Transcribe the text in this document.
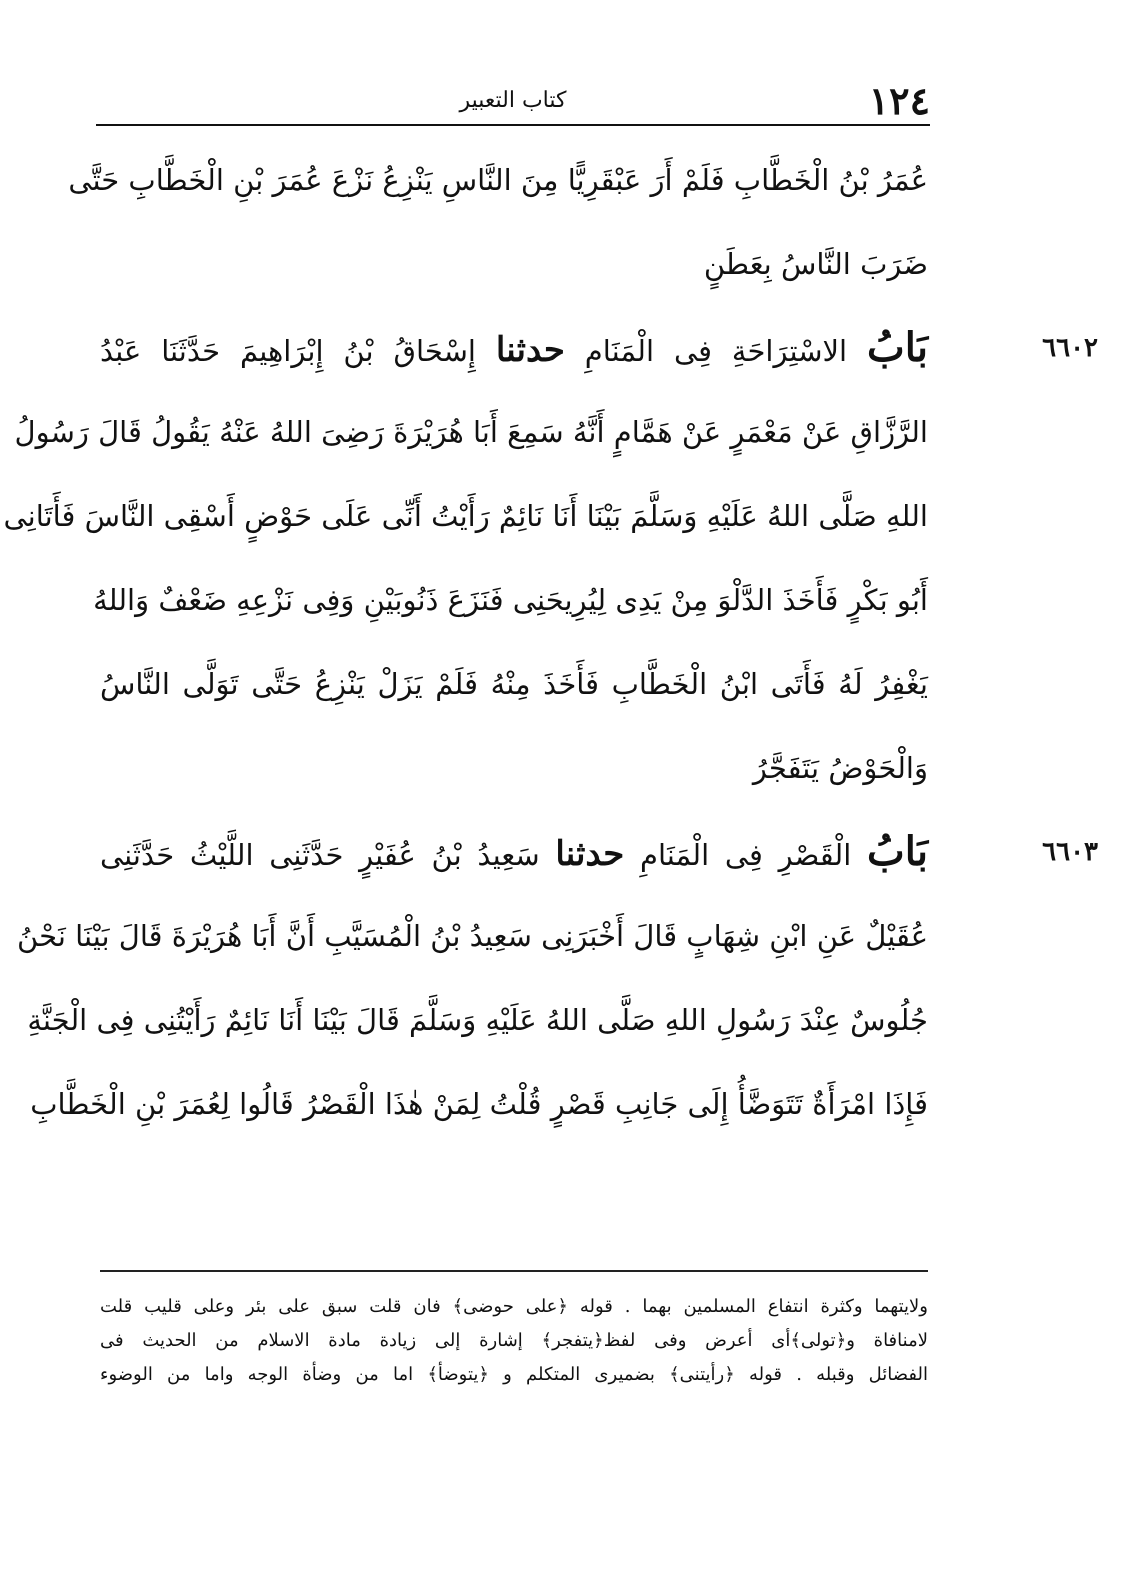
١٢٤
كتاب التعبير
عُمَرُ بْنُ الْخَطَّابِ فَلَمْ أَرَ عَبْقَرِيًّا مِنَ النَّاسِ يَنْزِعُ نَزْعَ عُمَرَ بْنِ الْخَطَّابِ حَتَّى
ضَرَبَ النَّاسُ بِعَطَنٍ
٦٦٠٢
بَابُ الاسْتِرَاحَةِ فِى الْمَنَامِ حدثنا إِسْحَاقُ بْنُ إِبْرَاهِيمَ حَدَّثَنَا عَبْدُ
الرَّزَّاقِ عَنْ مَعْمَرٍ عَنْ هَمَّامٍ أَنَّهُ سَمِعَ أَبَا هُرَيْرَةَ رَضِىَ اللهُ عَنْهُ يَقُولُ قَالَ رَسُولُ
اللهِ صَلَّى اللهُ عَلَيْهِ وَسَلَّمَ بَيْنَا أَنَا نَائِمٌ رَأَيْتُ أَنِّى عَلَى حَوْضٍ أَسْقِى النَّاسَ فَأَتَانِى
أَبُو بَكْرٍ فَأَخَذَ الدَّلْوَ مِنْ يَدِى لِيُرِيحَنِى فَنَزَعَ ذَنُوبَيْنِ وَفِى نَزْعِهِ ضَعْفٌ وَاللهُ
يَغْفِرُ لَهُ فَأَتَى ابْنُ الْخَطَّابِ فَأَخَذَ مِنْهُ فَلَمْ يَزَلْ يَنْزِعُ حَتَّى تَوَلَّى النَّاسُ
وَالْحَوْضُ يَتَفَجَّرُ
٦٦٠٣
بَابُ الْقَصْرِ فِى الْمَنَامِ حدثنا سَعِيدُ بْنُ عُفَيْرٍ حَدَّثَنِى اللَّيْثُ حَدَّثَنِى
عُقَيْلٌ عَنِ ابْنِ شِهَابٍ قَالَ أَخْبَرَنِى سَعِيدُ بْنُ الْمُسَيَّبِ أَنَّ أَبَا هُرَيْرَةَ قَالَ بَيْنَا نَحْنُ
جُلُوسٌ عِنْدَ رَسُولِ اللهِ صَلَّى اللهُ عَلَيْهِ وَسَلَّمَ قَالَ بَيْنَا أَنَا نَائِمٌ رَأَيْتُنِى فِى الْجَنَّةِ
فَإِذَا امْرَأَةٌ تَتَوَضَّأُ إِلَى جَانِبِ قَصْرٍ قُلْتُ لِمَنْ هٰذَا الْقَصْرُ قَالُوا لِعُمَرَ بْنِ الْخَطَّابِ
ولايتهما وكثرة انتفاع المسلمين بهما . قوله ﴿على حوضى﴾ فان قلت سبق على بئر وعلى قليب قلت
لامنافاة و﴿تولى﴾أى أعرض وفى لفظ﴿يتفجر﴾ إشارة إلى زيادة مادة الاسلام من الحديث فى
الفضائل وقبله . قوله ﴿رأيتنى﴾ بضميرى المتكلم و ﴿يتوضأ﴾ اما من وضأة الوجه واما من الوضوء
